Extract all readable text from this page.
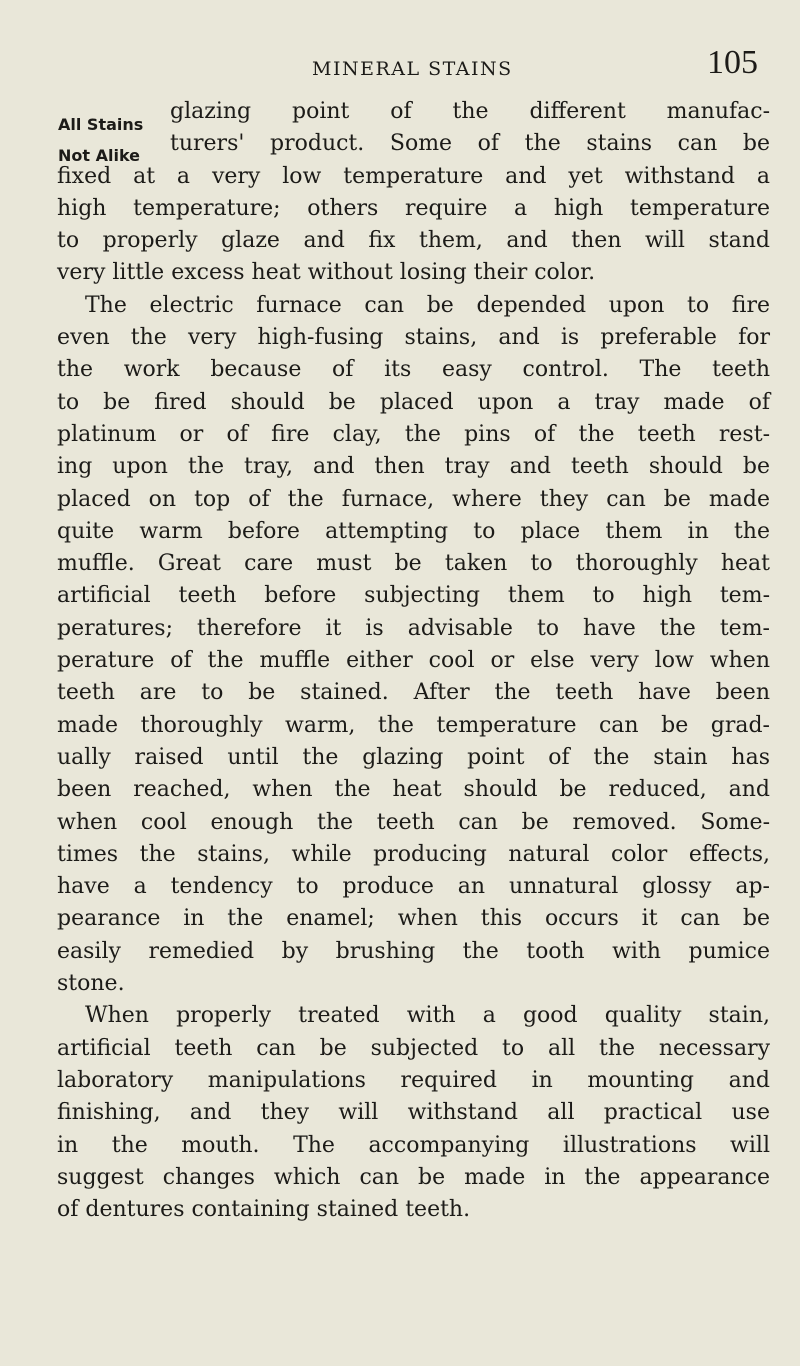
MINERAL STAINS	105
All Stains
Not Alike
glazing point of the different manufac-
turers' product. Some of the stains can be
fixed at a very low temperature and yet withstand a
high temperature; others require a high temperature
to properly glaze and fix them, and then will stand
very little excess heat without losing their color.
The electric furnace can be depended upon to fire
even the very high-fusing stains, and is preferable for
the work because of its easy control. The teeth
to be fired should be placed upon a tray made of
platinum or of fire clay, the pins of the teeth rest-
ing upon the tray, and then tray and teeth should be
placed on top of the furnace, where they can be made
quite warm before attempting to place them in the
muffle. Great care must be taken to thoroughly heat
artificial teeth before subjecting them to high tem-
peratures; therefore it is advisable to have the tem-
perature of the muffle either cool or else very low when
teeth are to be stained. After the teeth have been
made thoroughly warm, the temperature can be grad-
ually raised until the glazing point of the stain has
been reached, when the heat should be reduced, and
when cool enough the teeth can be removed. Some-
times the stains, while producing natural color effects,
have a tendency to produce an unnatural glossy ap-
pearance in the enamel; when this occurs it can be
easily remedied by brushing the tooth with pumice
stone.
When properly treated with a good quality stain,
artificial teeth can be subjected to all the necessary
laboratory manipulations required in mounting and
finishing, and they will withstand all practical use
in the mouth. The accompanying illustrations will
suggest changes which can be made in the appearance
of dentures containing stained teeth.
